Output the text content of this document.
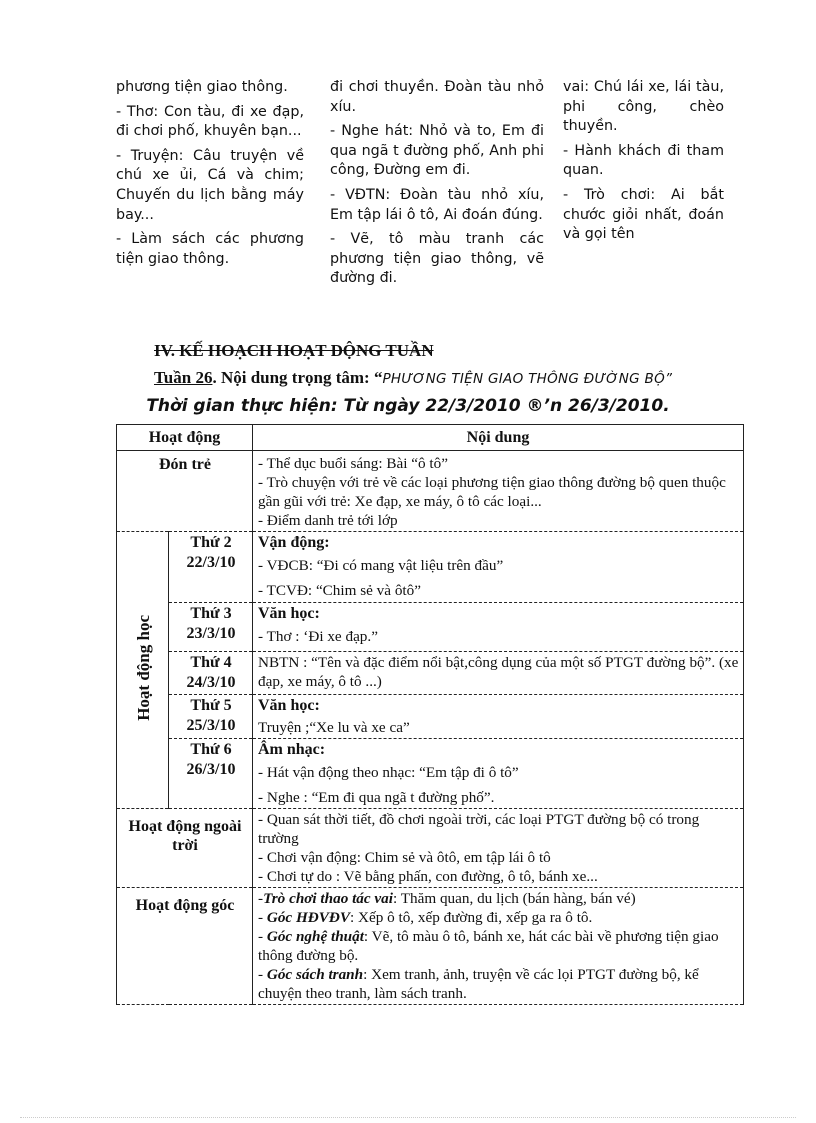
phương tiện giao thông.

- Thơ: Con tàu, đi xe đạp, đi chơi phố, khuyên bạn...

- Truyện: Câu truyện về chú xe ủi, Cá và chim; Chuyến du lịch bằng máy bay...

- Làm sách các phương tiện giao thông.

đi chơi thuyền. Đoàn tàu nhỏ xíu.

- Nghe hát: Nhỏ và to, Em đi qua ngã t đường phố, Anh phi công, Đường em đi.

- VĐTN: Đoàn tàu nhỏ xíu, Em tập lái ô tô, Ai đoán đúng.

- Vẽ, tô màu tranh các phương tiện giao thông, vẽ đường đi.

vai: Chú lái xe, lái tàu, phi công, chèo thuyền.

- Hành khách đi tham quan.

- Trò chơi: Ai bắt chước giỏi nhất, đoán và gọi tên

IV. KẾ HOẠCH HOẠT ĐỘNG TUẦN
Tuần 26. Nội dung trọng tâm: “PHƯƠNG TIỆN GIAO THÔNG ĐƯỜNG BỘ”
Thời gian thực hiện: Từ ngày 22/3/2010 ®’n 26/3/2010.
Hoạt động		Nội dung
Đón trẻ		- Thể dục buổi sáng: Bài “ô tô”
- Trò chuyện với trẻ về các loại phương tiện giao thông đường bộ quen thuộc gần gũi với trẻ: Xe đạp, xe máy, ô tô các loại...
- Điểm danh trẻ tới lớp

Hoạt động học	Thứ 2
22/3/10	Vận động:
- VĐCB: “Đi có mang vật liệu trên đầu”
- TCVĐ: “Chim sẻ và ôtô”

	Thứ 3
23/3/10	Văn học:
- Thơ : ‘Đi xe đạp.”

	Thứ 4
24/3/10	NBTN : “Tên và đặc điểm nổi bật,công dụng của một số PTGT đường bộ”. (xe đạp, xe máy, ô tô ...)

	Thứ 5
25/3/10	Văn học:
Truyện ;“Xe lu và xe ca”

	Thứ 6
26/3/10	Âm nhạc:
- Hát vận động theo nhạc: “Em tập đi ô tô”
- Nghe : “Em đi qua ngã t đường phố”.

Hoạt động ngoài trời		- Quan sát thời tiết, đồ chơi ngoài trời, các loại PTGT đường bộ có trong trường
- Chơi vận động: Chim sẻ và ôtô, em tập lái ô tô
- Chơi tự do : Vẽ bằng phấn, con đường, ô tô, bánh xe...

Hoạt động góc		-Trò chơi thao tác vai: Thăm quan, du lịch (bán hàng, bán vé)
- Góc HĐVĐV: Xếp ô tô, xếp đường đi, xếp ga ra ô tô.
- Góc nghệ thuật: Vẽ, tô màu ô tô, bánh xe, hát các bài về phương tiện giao thông đường bộ.
- Góc sách tranh: Xem tranh, ảnh, truyện về các lọi PTGT đường bộ, kể chuyện theo tranh, làm sách tranh.
